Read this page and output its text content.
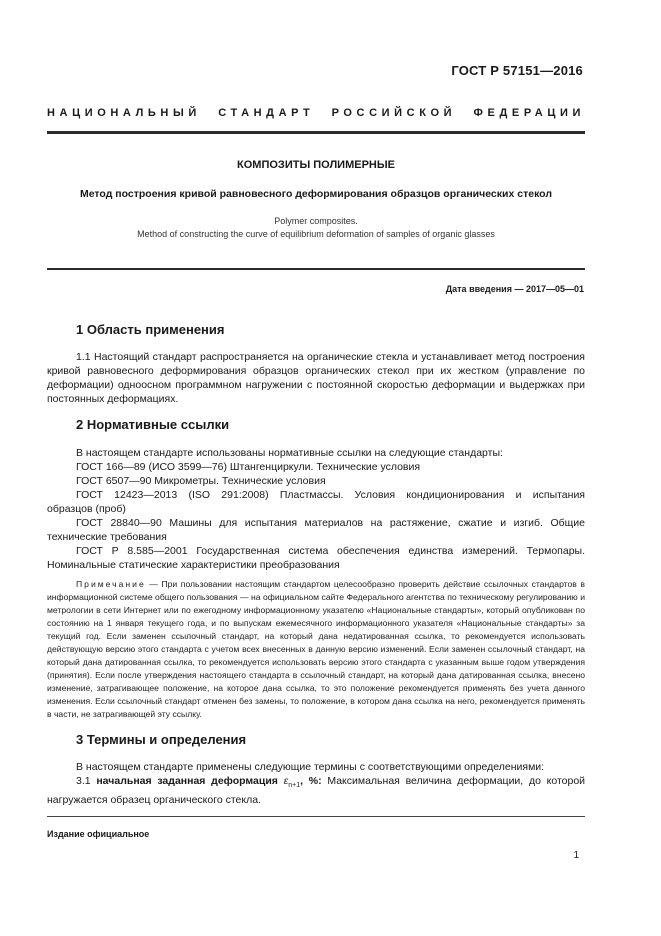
ГОСТ Р 57151—2016
НАЦИОНАЛЬНЫЙ СТАНДАРТ РОССИЙСКОЙ ФЕДЕРАЦИИ
КОМПОЗИТЫ ПОЛИМЕРНЫЕ
Метод построения кривой равновесного деформирования образцов органических стекол
Polymer composites.
Method of constructing the curve of equilibrium deformation of samples of organic glasses
Дата введения — 2017—05—01
1 Область применения
1.1 Настоящий стандарт распространяется на органические стекла и устанавливает метод построения кривой равновесного деформирования образцов органических стекол при их жестком (управление по деформации) одноосном программном нагружении с постоянной скоростью деформации и выдержках при постоянных деформациях.
2 Нормативные ссылки
В настоящем стандарте использованы нормативные ссылки на следующие стандарты:
ГОСТ 166—89 (ИСО 3599—76) Штангенциркули. Технические условия
ГОСТ 6507—90 Микрометры. Технические условия
ГОСТ 12423—2013 (ISO 291:2008) Пластмассы. Условия кондиционирования и испытания
образцов (проб)
ГОСТ 28840—90 Машины для испытания материалов на растяжение, сжатие и изгиб. Общие
технические требования
ГОСТ Р 8.585—2001 Государственная система обеспечения единства измерений. Термопары.
Номинальные статические характеристики преобразования
Примечание — При пользовании настоящим стандартом целесообразно проверить действие ссылочных стандартов в информационной системе общего пользования — на официальном сайте Федерального агентства по техническому регулированию и метрологии в сети Интернет или по ежегодному информационному указателю «Национальные стандарты», который опубликован по состоянию на 1 января текущего года, и по выпускам ежемесячного информационного указателя «Национальные стандарты» за текущий год. Если заменен ссылочный стандарт, на который дана недатированная ссылка, то рекомендуется использовать действующую версию этого стандарта с учетом всех внесенных в данную версию изменений. Если заменен ссылочный стандарт, на который дана датированная ссылка, то рекомендуется использовать версию этого стандарта с указанным выше годом утверждения (принятия). Если после утверждения настоящего стандарта в ссылочный стандарт, на который дана датированная ссылка, внесено изменение, затрагивающее положение, на которое дана ссылка, то это положение рекомендуется применять без учета данного изменения. Если ссылочный стандарт отменен без замены, то положение, в котором дана ссылка на него, рекомендуется применять в части, не затрагивающей эту ссылку.
3 Термины и определения
В настоящем стандарте применены следующие термины с соответствующими определениями:
3.1 начальная заданная деформация $\varepsilon_{n+1}$, %: Максимальная величина деформации, до которой нагружается образец органического стекла.
Издание официальное
1
